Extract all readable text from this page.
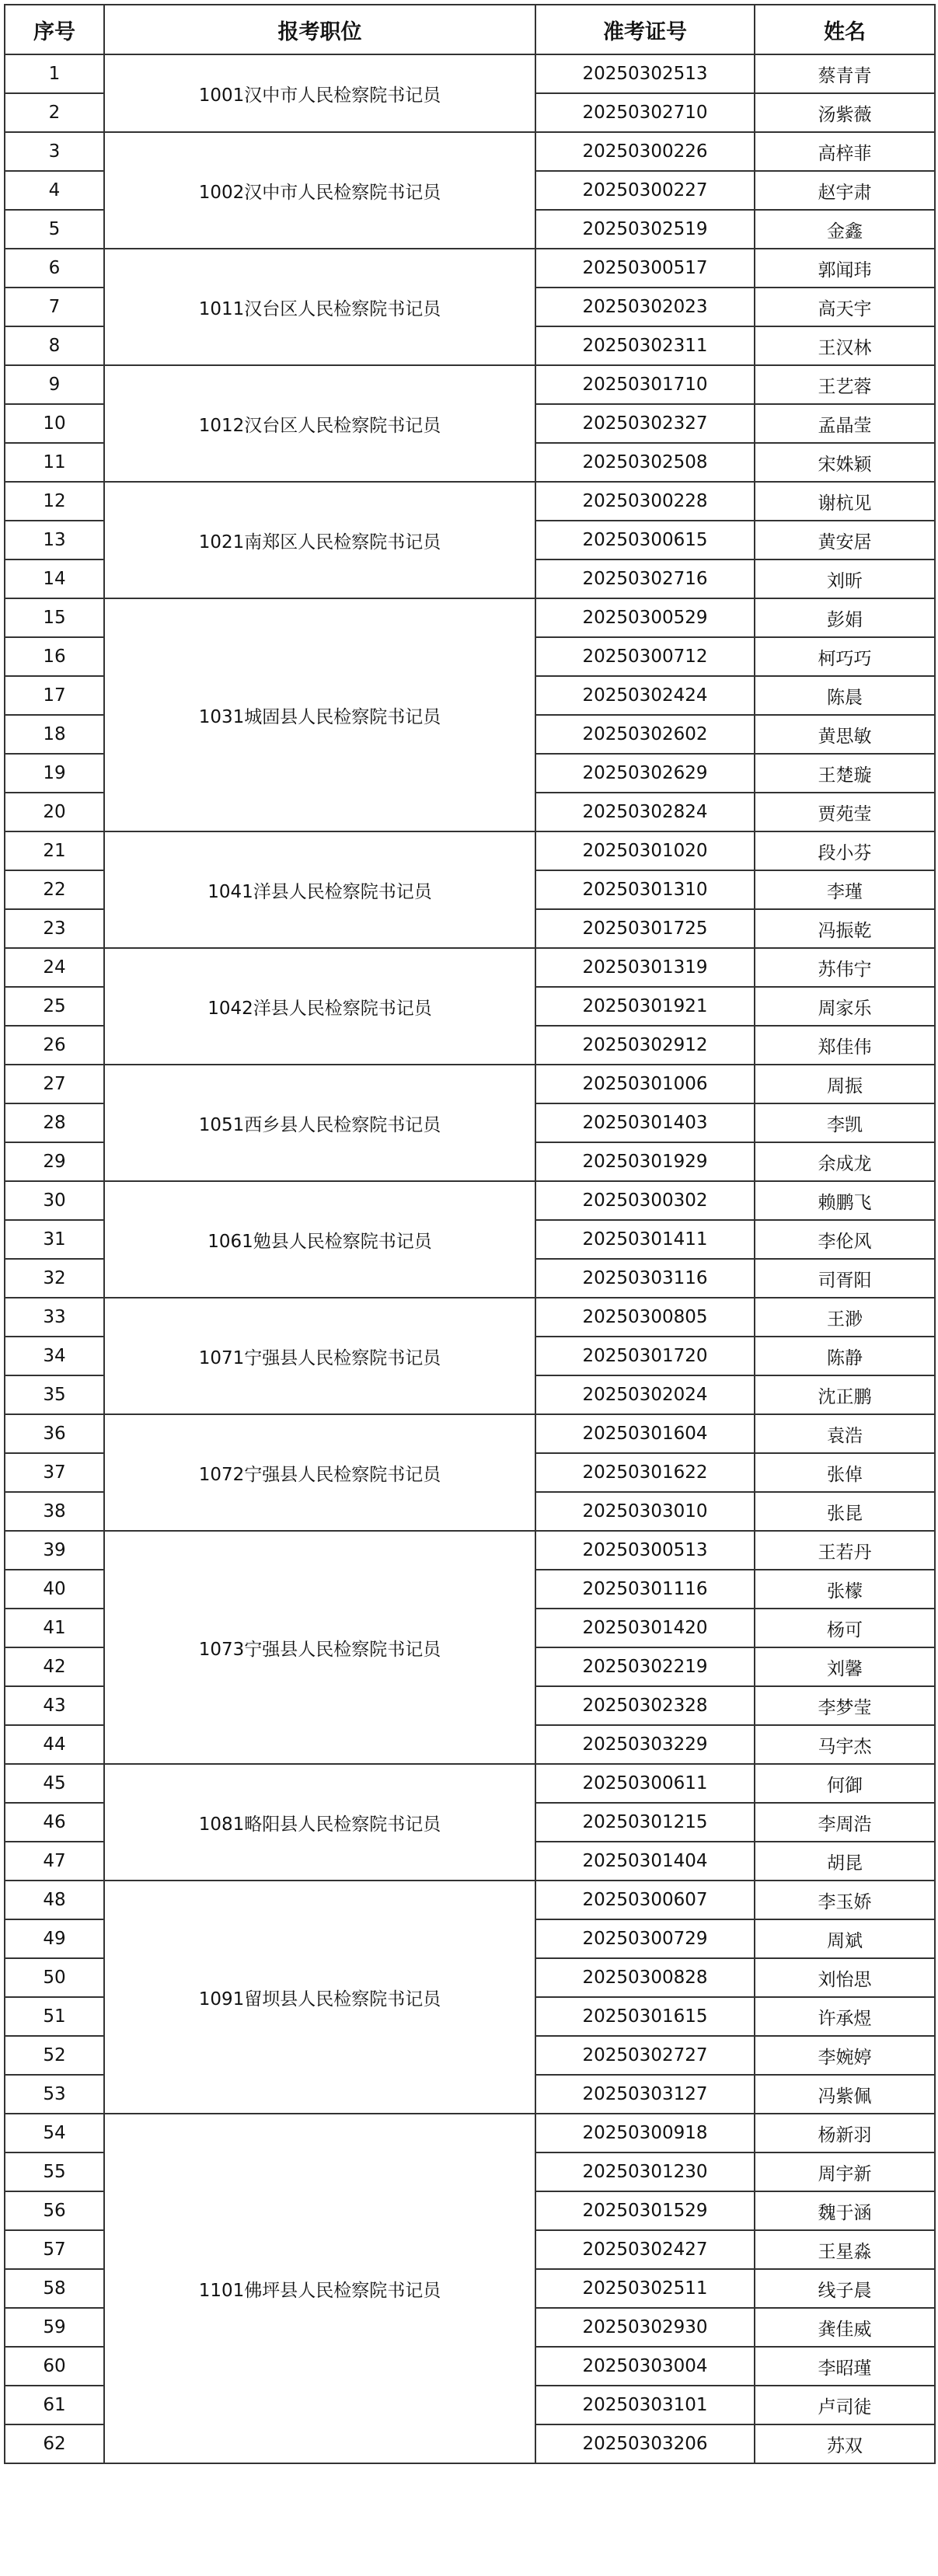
序号	报考职位	准考证号	姓名
1	1001汉中市人民检察院书记员	20250302513	蔡青青
2		20250302710	汤紫薇
3	1002汉中市人民检察院书记员	20250300226	高梓菲
4		20250300227	赵宇肃
5		20250302519	金鑫
6	1011汉台区人民检察院书记员	20250300517	郭闻玮
7		20250302023	高天宇
8		20250302311	王汉林
9	1012汉台区人民检察院书记员	20250301710	王艺蓉
10		20250302327	孟晶莹
11		20250302508	宋姝颖
12	1021南郑区人民检察院书记员	20250300228	谢杭见
13		20250300615	黄安居
14		20250302716	刘昕
15	1031城固县人民检察院书记员	20250300529	彭娟
16		20250300712	柯巧巧
17		20250302424	陈晨
18		20250302602	黄思敏
19		20250302629	王楚璇
20		20250302824	贾苑莹
21	1041洋县人民检察院书记员	20250301020	段小芬
22		20250301310	李瑾
23		20250301725	冯振乾
24	1042洋县人民检察院书记员	20250301319	苏伟宁
25		20250301921	周家乐
26		20250302912	郑佳伟
27	1051西乡县人民检察院书记员	20250301006	周振
28		20250301403	李凯
29		20250301929	余成龙
30	1061勉县人民检察院书记员	20250300302	赖鹏飞
31		20250301411	李伦风
32		20250303116	司胥阳
33	1071宁强县人民检察院书记员	20250300805	王渺
34		20250301720	陈静
35		20250302024	沈正鹏
36	1072宁强县人民检察院书记员	20250301604	袁浩
37		20250301622	张倬
38		20250303010	张昆
39	1073宁强县人民检察院书记员	20250300513	王若丹
40		20250301116	张檬
41		20250301420	杨可
42		20250302219	刘馨
43		20250302328	李梦莹
44		20250303229	马宇杰
45	1081略阳县人民检察院书记员	20250300611	何御
46		20250301215	李周浩
47		20250301404	胡昆
48	1091留坝县人民检察院书记员	20250300607	李玉娇
49		20250300729	周斌
50		20250300828	刘怡思
51		20250301615	许承煜
52		20250302727	李婉婷
53		20250303127	冯紫佩
54	1101佛坪县人民检察院书记员	20250300918	杨新羽
55		20250301230	周宇新
56		20250301529	魏于涵
57		20250302427	王星淼
58		20250302511	线子晨
59		20250302930	龚佳威
60		20250303004	李昭瑾
61		20250303101	卢司徒
62		20250303206	苏双
